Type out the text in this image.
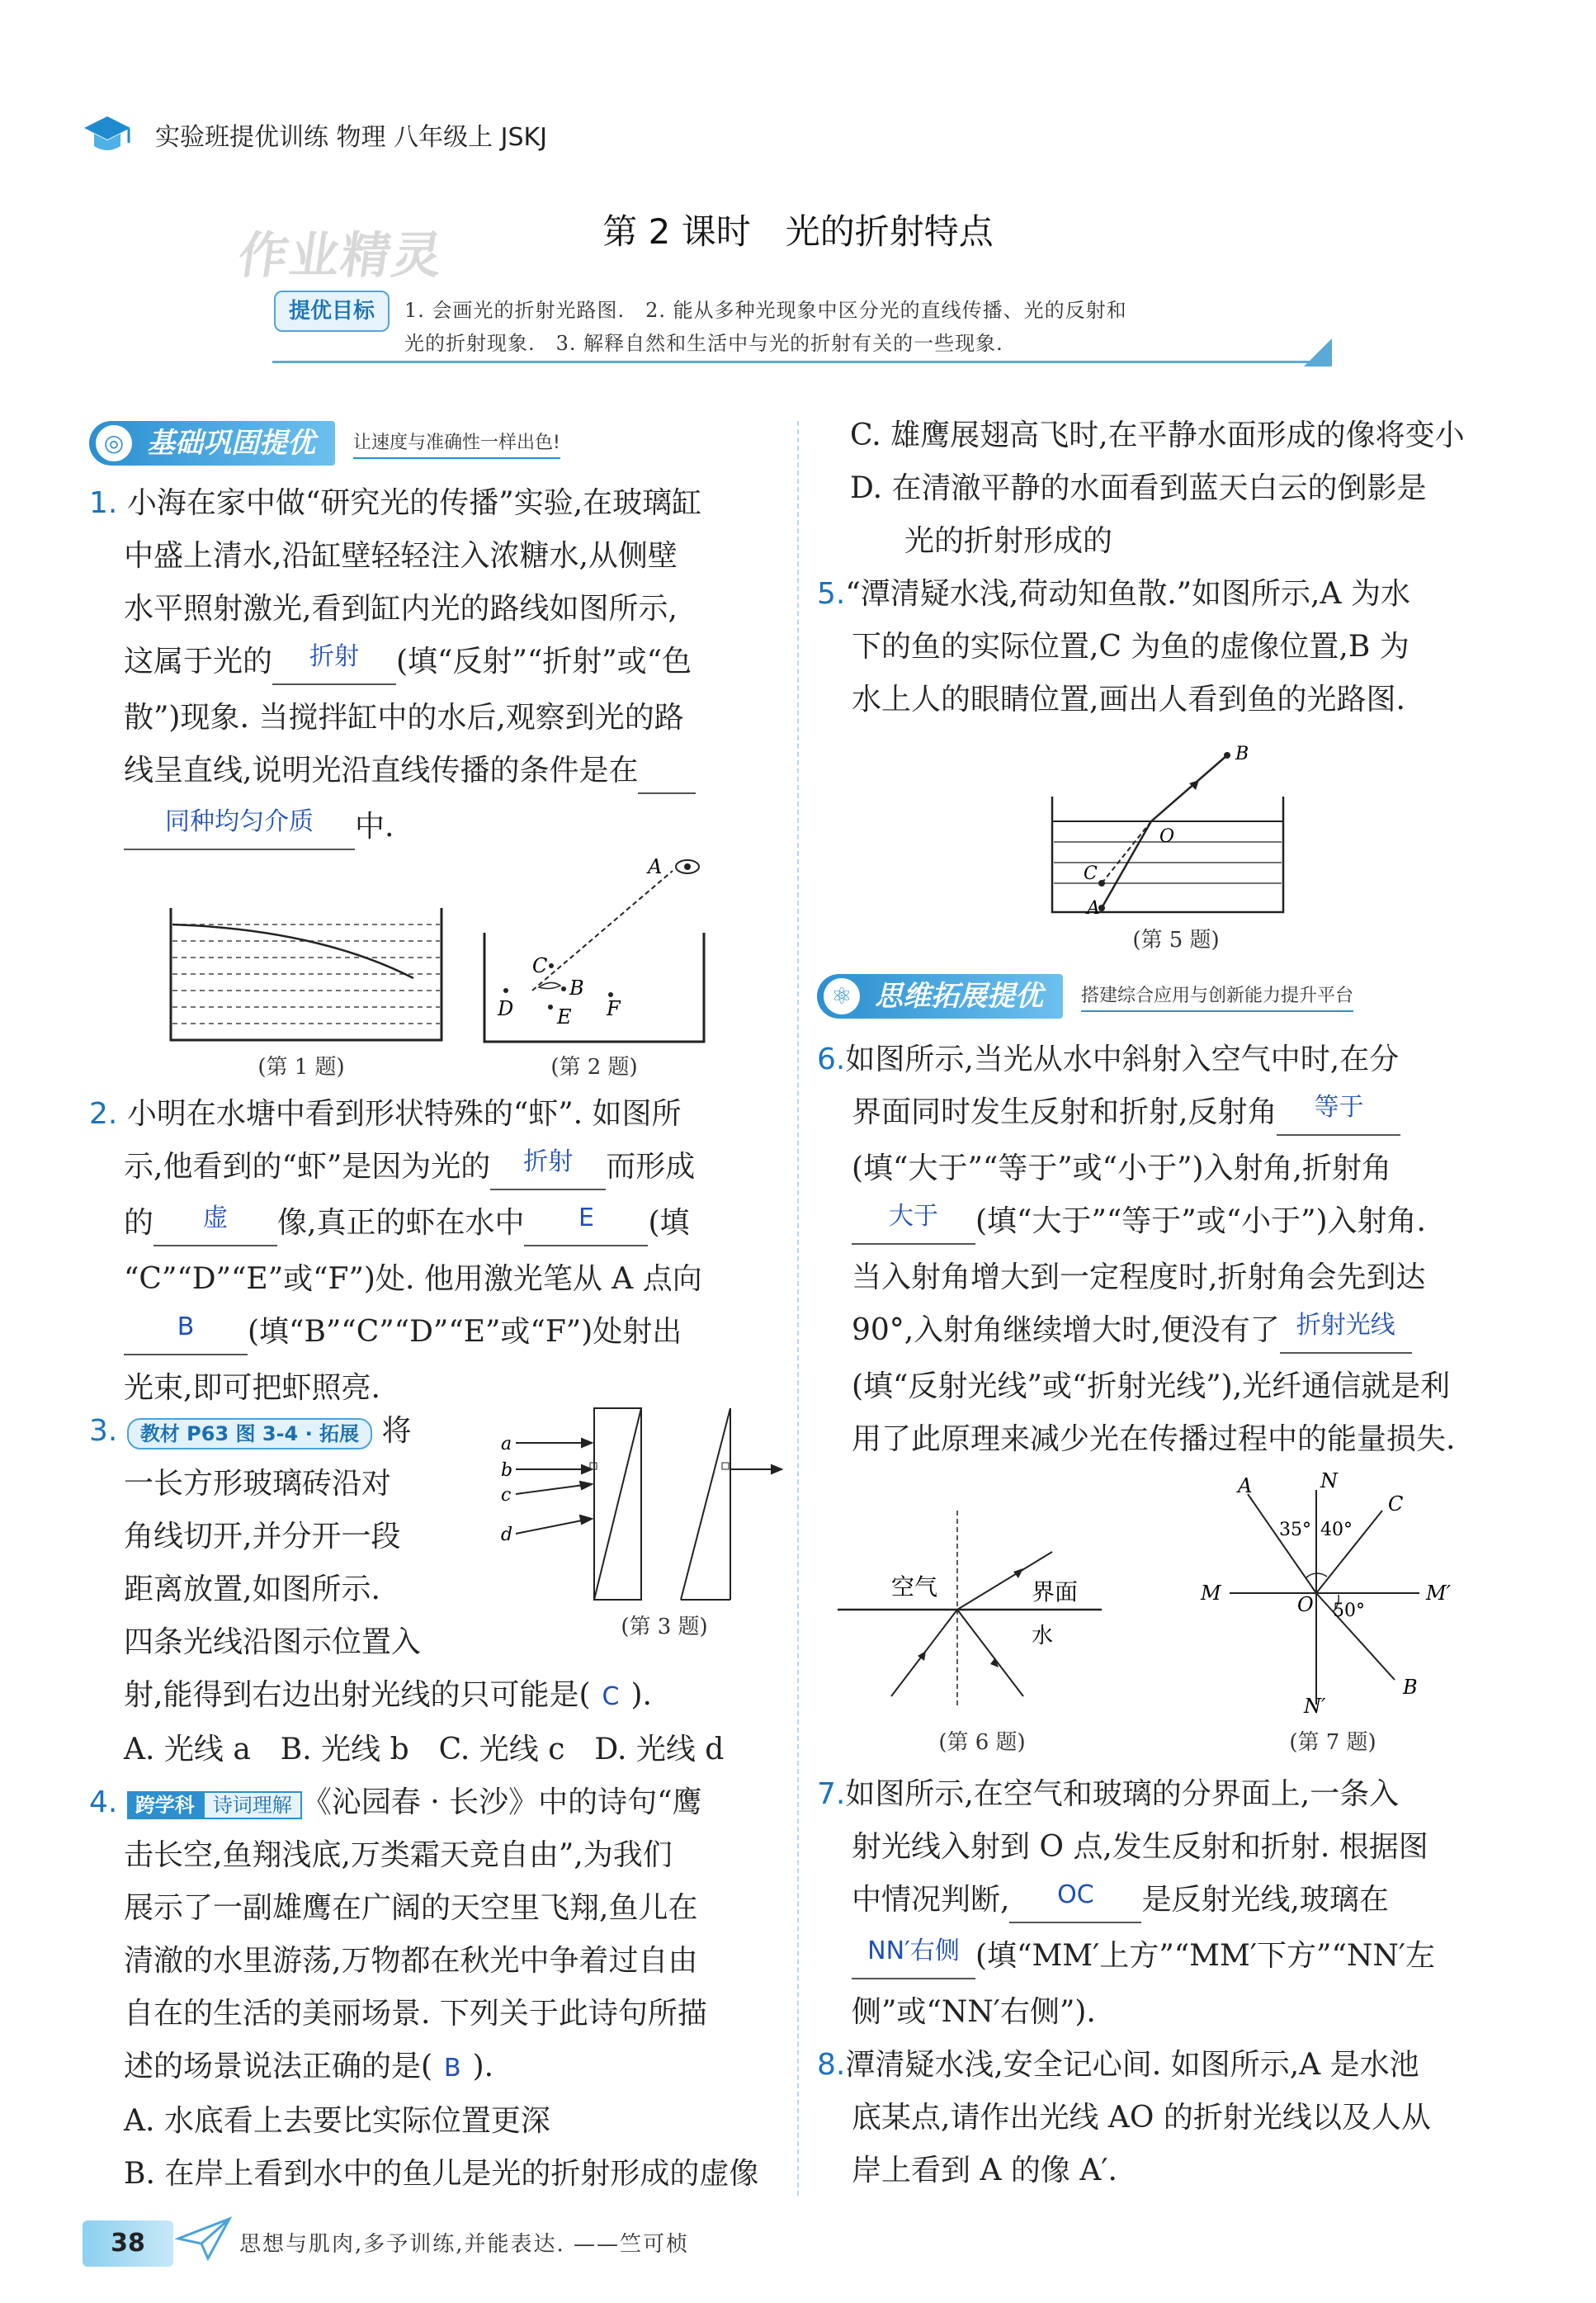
实验班提优训练 物理 八年级上 JSKJ
作业精灵	第 2 课时　光的折射特点
提优目标	1. 会画光的折射光路图.　2. 能从多种光现象中区分光的直线传播、光的反射和
光的折射现象.　3. 解释自然和生活中与光的折射有关的一些现象.
◎ 基础巩固提优	让速度与准确性一样出色!
1. 小海在家中做“研究光的传播”实验,在玻璃缸
中盛上清水,沿缸壁轻轻注入浓糖水,从侧壁
水平照射激光,看到缸内光的路线如图所示,
这属于光的 折射 (填“反射”“折射”或“色
散”)现象. 当搅拌缸中的水后,观察到光的路
线呈直线,说明光沿直线传播的条件是在
同种均匀介质 中.
(第 1 题)
A
C
B
D E F
(第 2 题)
2. 小明在水塘中看到形状特殊的“虾”. 如图所
示,他看到的“虾”是因为光的 折射 而形成
的 虚 像,真正的虾在水中 E (填
“C”“D”“E”或“F”)处. 他用激光笔从 A 点向
B (填“B”“C”“D”“E”或“F”)处射出
光束,即可把虾照亮.
3. 教材 P63 图 3-4 · 拓展 将
一长方形玻璃砖沿对
角线切开,并分开一段
距离放置,如图所示.
四条光线沿图示位置入
射,能得到右边出射光线的只可能是( C ).
A. 光线 a　B. 光线 b　C. 光线 c　D. 光线 d
a
b
c
d
(第 3 题)
4. 跨学科 诗词理解 《沁园春 · 长沙》中的诗句“鹰
击长空,鱼翔浅底,万类霜天竞自由”,为我们
展示了一副雄鹰在广阔的天空里飞翔,鱼儿在
清澈的水里游荡,万物都在秋光中争着过自由
自在的生活的美丽场景. 下列关于此诗句所描
述的场景说法正确的是( B ).
A. 水底看上去要比实际位置更深
B. 在岸上看到水中的鱼儿是光的折射形成的虚像
C. 雄鹰展翅高飞时,在平静水面形成的像将变小
D. 在清澈平静的水面看到蓝天白云的倒影是
光的折射形成的
5.“潭清疑水浅,荷动知鱼散.”如图所示,A 为水
下的鱼的实际位置,C 为鱼的虚像位置,B 为
水上人的眼睛位置,画出人看到鱼的光路图.
A
C
B
O
(第 5 题)
⚛ 思维拓展提优	搭建综合应用与创新能力提升平台
6.如图所示,当光从水中斜射入空气中时,在分
界面同时发生反射和折射,反射角 等于
(填“大于”“等于”或“小于”)入射角,折射角
大于 (填“大于”“等于”或“小于”)入射角.
当入射角增大到一定程度时,折射角会先到达
90°,入射角继续增大时,便没有了 折射光线
(填“反射光线”或“折射光线”),光纤通信就是利
用了此原理来减少光在传播过程中的能量损失.
空气	界面
水
(第 6 题)
A	N
C
M	M′
O
N′
B
35° 40°
50°
(第 7 题)
7.如图所示,在空气和玻璃的分界面上,一条入
射光线入射到 O 点,发生反射和折射. 根据图
中情况判断, OC 是反射光线,玻璃在
NN′右侧 (填“MM′上方”“MM′下方”“NN′左
侧”或“NN′右侧”).
8.潭清疑水浅,安全记心间. 如图所示,A 是水池
底某点,请作出光线 AO 的折射光线以及人从
岸上看到 A 的像 A′.
38	思想与肌肉,多予训练,并能表达. ——竺可桢
